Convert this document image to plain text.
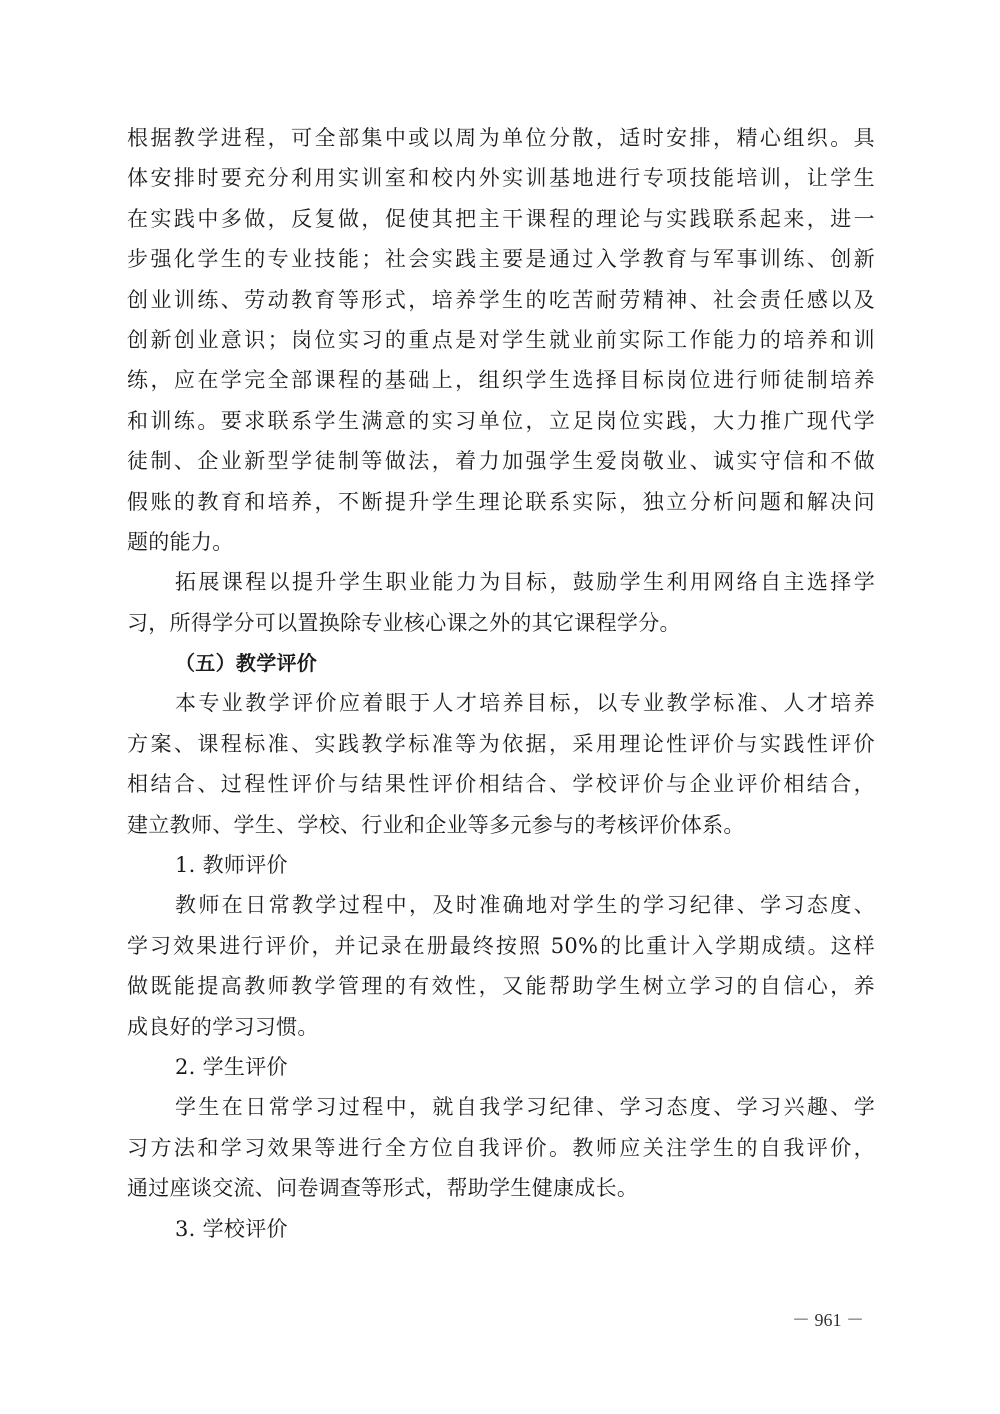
根据教学进程，可全部集中或以周为单位分散，适时安排，精心组织。具
体安排时要充分利用实训室和校内外实训基地进行专项技能培训，让学生
在实践中多做，反复做，促使其把主干课程的理论与实践联系起来，进一
步强化学生的专业技能；社会实践主要是通过入学教育与军事训练、创新
创业训练、劳动教育等形式，培养学生的吃苦耐劳精神、社会责任感以及
创新创业意识；岗位实习的重点是对学生就业前实际工作能力的培养和训
练，应在学完全部课程的基础上，组织学生选择目标岗位进行师徒制培养
和训练。要求联系学生满意的实习单位，立足岗位实践，大力推广现代学
徒制、企业新型学徒制等做法，着力加强学生爱岗敬业、诚实守信和不做
假账的教育和培养，不断提升学生理论联系实际，独立分析问题和解决问
题的能力。
拓展课程以提升学生职业能力为目标，鼓励学生利用网络自主选择学
习，所得学分可以置换除专业核心课之外的其它课程学分。
（五）教学评价
本专业教学评价应着眼于人才培养目标，以专业教学标准、人才培养
方案、课程标准、实践教学标准等为依据，采用理论性评价与实践性评价
相结合、过程性评价与结果性评价相结合、学校评价与企业评价相结合，
建立教师、学生、学校、行业和企业等多元参与的考核评价体系。
1. 教师评价
教师在日常教学过程中，及时准确地对学生的学习纪律、学习态度、
学习效果进行评价，并记录在册最终按照 50%的比重计入学期成绩。这样
做既能提高教师教学管理的有效性，又能帮助学生树立学习的自信心，养
成良好的学习习惯。
2. 学生评价
学生在日常学习过程中，就自我学习纪律、学习态度、学习兴趣、学
习方法和学习效果等进行全方位自我评价。教师应关注学生的自我评价，
通过座谈交流、问卷调查等形式，帮助学生健康成长。
3. 学校评价
－ 961 －
